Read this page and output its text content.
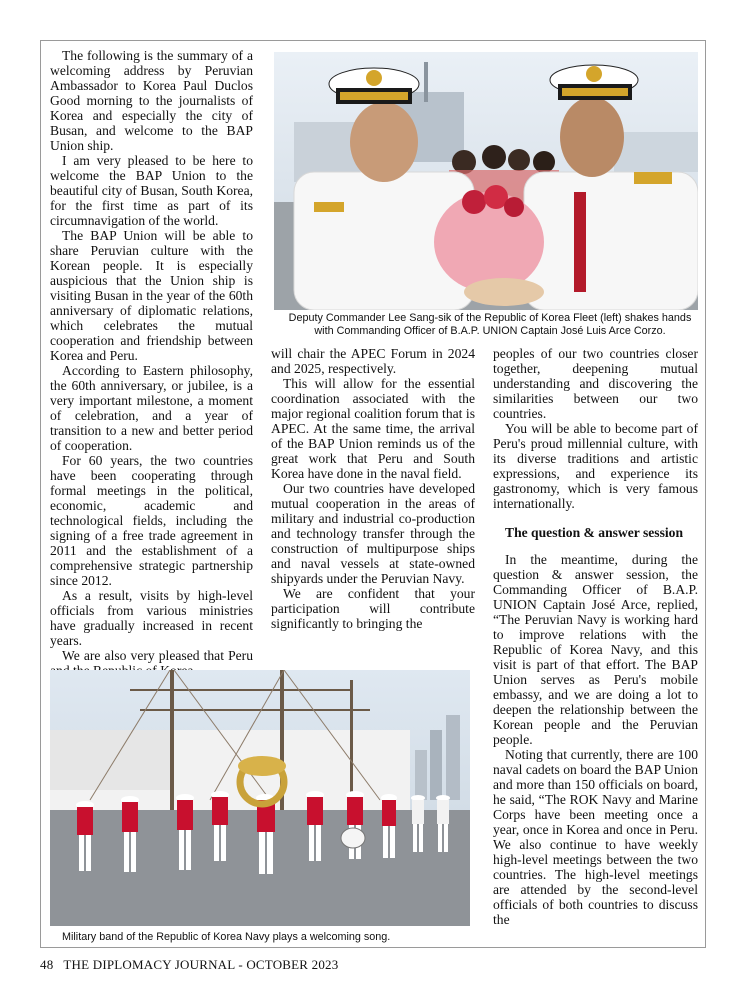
The following is the summary of a welcoming address by Peruvian Ambassador to Korea Paul Duclos Good morning to the journalists of Korea and especially the city of Busan, and welcome to the BAP Union ship.

I am very pleased to be here to welcome the BAP Union to the beautiful city of Busan, South Korea, for the first time as part of its circumnavigation of the world.

The BAP Union will be able to share Peruvian culture with the Korean people. It is especially auspicious that the Union ship is visiting Busan in the year of the 60th anniversary of diplomatic relations, which celebrates the mutual cooperation and friendship between Korea and Peru.

According to Eastern philosophy, the 60th anniversary, or jubilee, is a very important milestone, a moment of celebration, and a year of transition to a new and better period of cooperation.

For 60 years, the two countries have been cooperating through formal meetings in the political, economic, academic and technological fields, including the signing of a free trade agreement in 2011 and the establishment of a comprehensive strategic partnership since 2012.

As a result, visits by high-level officials from various ministries have gradually increased in recent years.

We are also very pleased that Peru

Deputy Commander Lee Sang-sik of the Republic of Korea Fleet (left) shakes hands with Commanding Officer of B.A.P. UNION Captain José Luis Arce Corzo.

will chair the APEC Forum in 2024 and 2025, respectively.

This will allow for the essential coordination associated with the major regional coalition forum that is APEC. At the same time, the arrival of the BAP Union reminds us of the great work that Peru and South Korea have done in the naval field.

Our two countries have developed mutual cooperation in the areas of military and industrial co-production and technology transfer through the construction of multipurpose ships and naval vessels at state-owned shipyards under the Peruvian Navy.

We are confident that your participation will contribute significantly to bringing the

peoples of our two countries closer together, deepening mutual understanding and discovering the similarities between our two countries.

You will be able to become part of Peru's proud millennial culture, with its diverse traditions and artistic expressions, and experience its gastronomy, which is very famous internationally.

The question & answer session

In the meantime, during the question & answer session, the Commanding Officer of B.A.P. UNION Captain José Arce, replied, “The Peruvian Navy is working hard to improve relations with the Republic of Korea Navy, and this visit is part of that effort. The BAP Union serves as Peru's mobile embassy, and we are doing a lot to deepen the relationship between the Korean people and the Peruvian people.

Noting that currently, there are 100 naval cadets on board the BAP Union and more than 150 officials on board, he said, “The ROK Navy and Marine Corps have been meeting once a year, once in Korea and once in Peru. We also continue to have weekly high-level meetings between the two countries. The high-level meetings are attended by the second-level officials of both countries to discuss the

Military band of the Republic of Korea Navy plays a welcoming song.
48 THE DIPLOMACY JOURNAL - OCTOBER 2023
